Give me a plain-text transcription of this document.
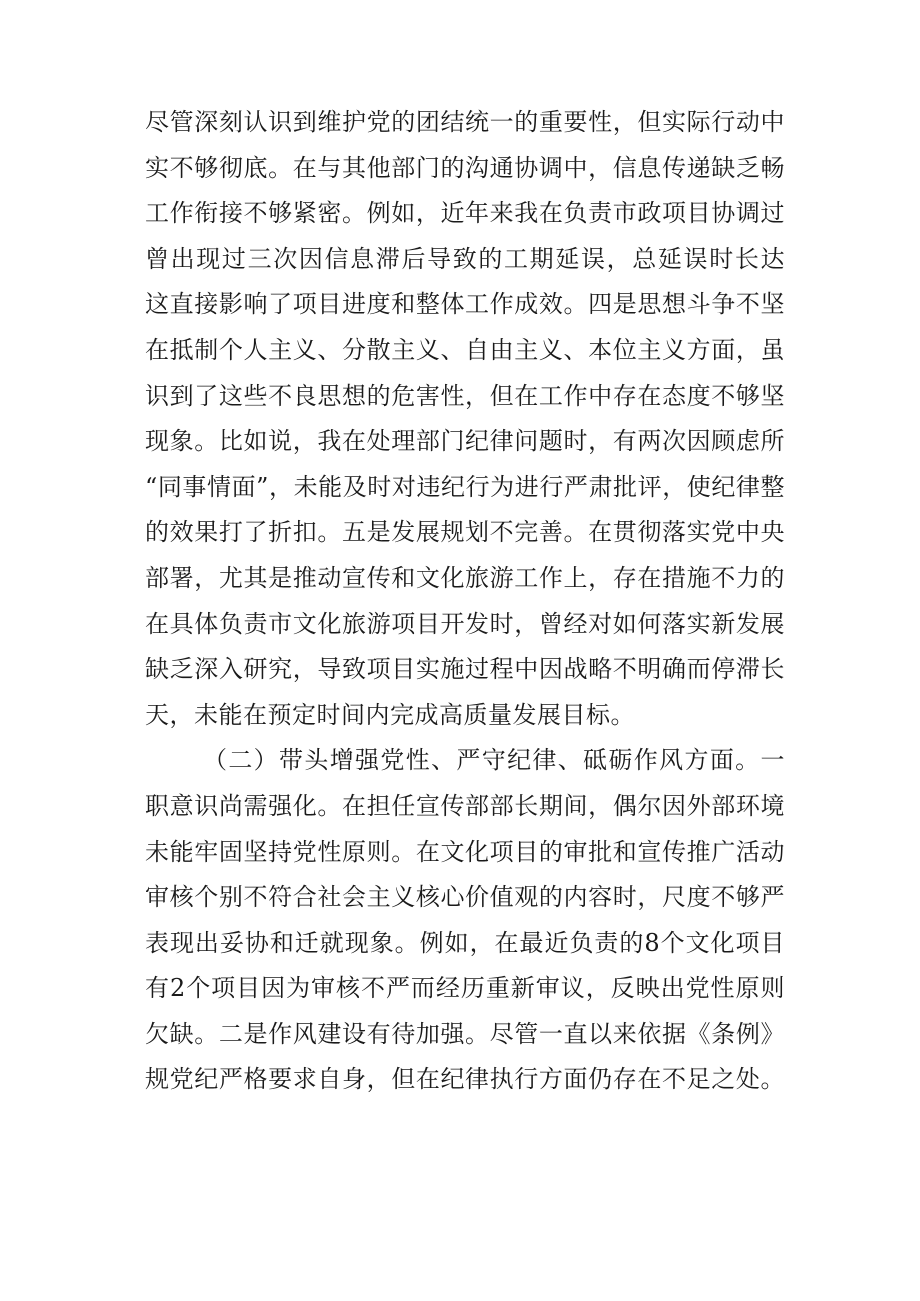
尽管深刻认识到维护党的团结统一的重要性，但实际行动中
实不够彻底。在与其他部门的沟通协调中，信息传递缺乏畅
工作衔接不够紧密。例如，近年来我在负责市政项目协调过
曾出现过三次因信息滞后导致的工期延误，总延误时长达
这直接影响了项目进度和整体工作成效。四是思想斗争不坚
在抵制个人主义、分散主义、自由主义、本位主义方面，虽
识到了这些不良思想的危害性，但在工作中存在态度不够坚
现象。比如说，我在处理部门纪律问题时，有两次因顾虑所
“同事情面”，未能及时对违纪行为进行严肃批评，使纪律整
的效果打了折扣。五是发展规划不完善。在贯彻落实党中央
部署，尤其是推动宣传和文化旅游工作上，存在措施不力的
在具体负责市文化旅游项目开发时，曾经对如何落实新发展
缺乏深入研究，导致项目实施过程中因战略不明确而停滞长
天，未能在预定时间内完成高质量发展目标。
（二）带头增强党性、严守纪律、砥砺作风方面。一
职意识尚需强化。在担任宣传部部长期间，偶尔因外部环境
未能牢固坚持党性原则。在文化项目的审批和宣传推广活动
审核个别不符合社会主义核心价值观的内容时，尺度不够严
表现出妥协和迁就现象。例如，在最近负责的8个文化项目
有2个项目因为审核不严而经历重新审议，反映出党性原则
欠缺。二是作风建设有待加强。尽管一直以来依据《条例》
规党纪严格要求自身，但在纪律执行方面仍存在不足之处。
